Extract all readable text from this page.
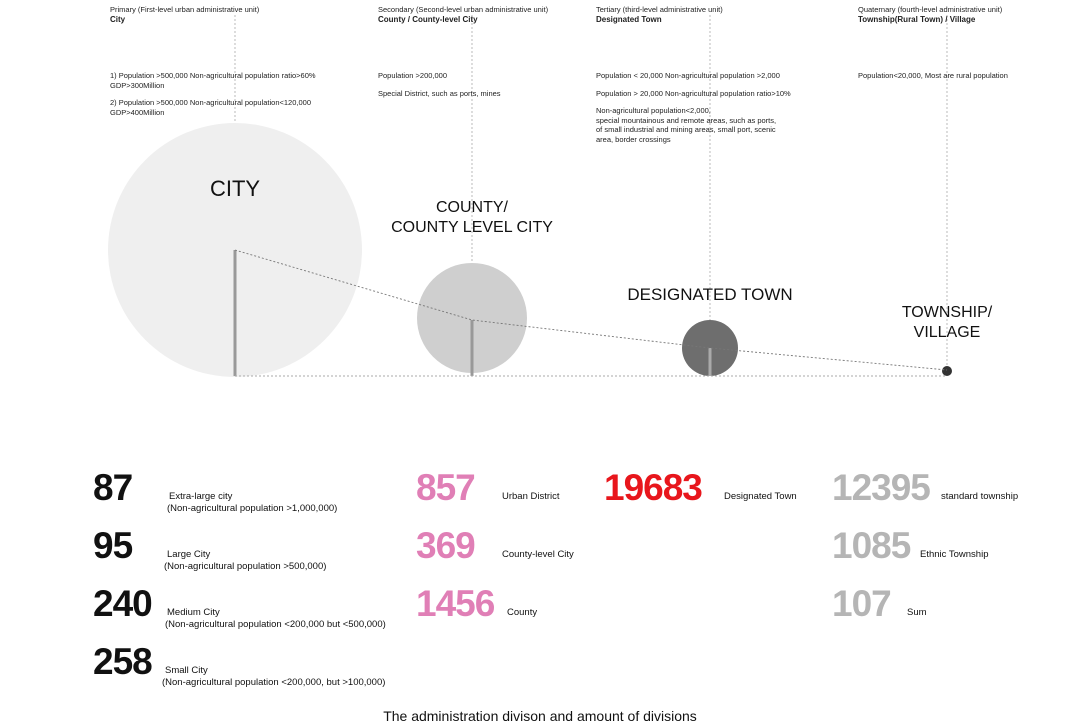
Primary (First-level urban administrative unit)
City
1) Population >500,000 Non-agricultural population ratio>60%
GDP>300Million
2) Population >500,000 Non-agricultural population<120,000
GDP>400Million
Secondary (Second-level urban administrative unit)
County / County-level City
Population >200,000
Special District, such as ports, mines
Tertiary (third-level administrative unit)
Designated Town
Population < 20,000 Non-agricultural population >2,000
Population > 20,000 Non-agricultural population ratio>10%
Non-agricultural population<2,000,
special mountainous and remote areas, such as ports,
of small industrial and mining areas, small port, scenic
area, border crossings
Quaternary (fourth-level administrative unit)
Township(Rural Town) / Village
Population<20,000, Most are rural population
CITY
COUNTY/
COUNTY LEVEL CITY
DESIGNATED TOWN
TOWNSHIP/
VILLAGE
87	Extra-large city
(Non-agricultural population >1,000,000)
95	Large City
(Non-agricultural population >500,000)
240 Medium City
(Non-agricultural population <200,000 but <500,000)
258 Small City
(Non-agricultural population <200,000, but >100,000)
857	Urban District
369	County-level City
1456 County
19683 Designated Town 12395 standard township
1085 Ethnic Township
107 Sum
The administration divison and amount of divisions
